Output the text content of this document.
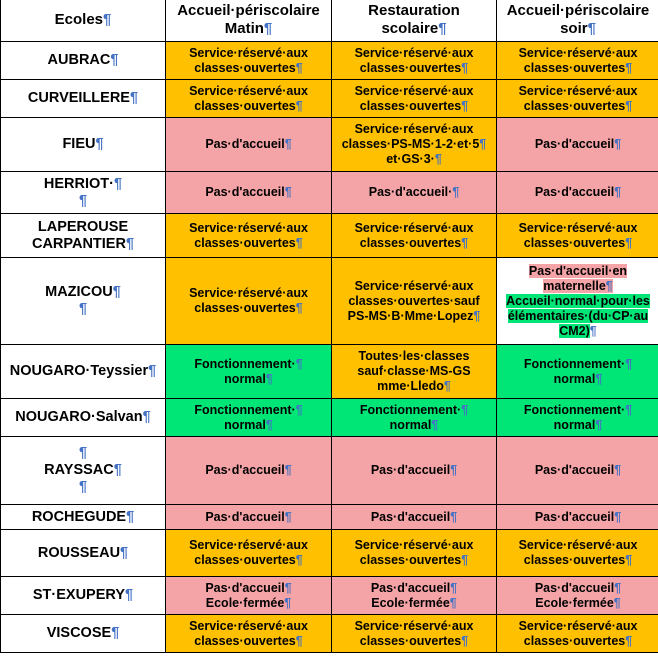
Ecoles¶	Accueil·périscolaire
Matin¶	Restauration
scolaire¶	Accueil·périscolaire
soir¶

AUBRAC¶	Service·réservé·aux
classes·ouvertes¶	Service·réservé·aux
classes·ouvertes¶	Service·réservé·aux
classes·ouvertes¶

CURVEILLERE¶	Service·réservé·aux
classes·ouvertes¶	Service·réservé·aux
classes·ouvertes¶	Service·réservé·aux
classes·ouvertes¶

FIEU¶	Pas·d'accueil¶	Service·réservé·aux
classes·PS-MS·1-2·et·5¶
et·GS·3·¶	Pas·d'accueil¶

HERRIOT·¶
¶	Pas·d'accueil¶	Pas·d'accueil·¶	Pas·d'accueil¶

LAPEROUSE
CARPANTIER¶	Service·réservé·aux
classes·ouvertes¶	Service·réservé·aux
classes·ouvertes¶	Service·réservé·aux
classes·ouvertes¶

MAZICOU¶
¶	Service·réservé·aux
classes·ouvertes¶	Service·réservé·aux
classes·ouvertes·sauf
PS-MS·B·Mme·Lopez¶	Pas·d'accueil·en
maternelle¶
Accueil·normal·pour·les
élémentaires·(du·CP·au
CM2)¶

NOUGARO·Teyssier¶	Fonctionnement·¶
normal¶	Toutes·les·classes
sauf·classe·MS-GS
mme·Lledo¶	Fonctionnement·¶
normal¶

NOUGARO·Salvan¶	Fonctionnement·¶
normal¶	Fonctionnement·¶
normal¶	Fonctionnement·¶
normal¶

¶
RAYSSAC¶
¶	Pas·d'accueil¶	Pas·d'accueil¶	Pas·d'accueil¶
ROCHEGUDE¶	Pas·d'accueil¶	Pas·d'accueil¶	Pas·d'accueil¶
ROUSSEAU¶	Service·réservé·aux
classes·ouvertes¶	Service·réservé·aux
classes·ouvertes¶	Service·réservé·aux
classes·ouvertes¶

ST·EXUPERY¶	Pas·d'accueil¶
Ecole·fermée¶	Pas·d'accueil¶
Ecole·fermée¶	Pas·d'accueil¶
Ecole·fermée¶

VISCOSE¶	Service·réservé·aux
classes·ouvertes¶	Service·réservé·aux
classes·ouvertes¶	Service·réservé·aux
classes·ouvertes¶
